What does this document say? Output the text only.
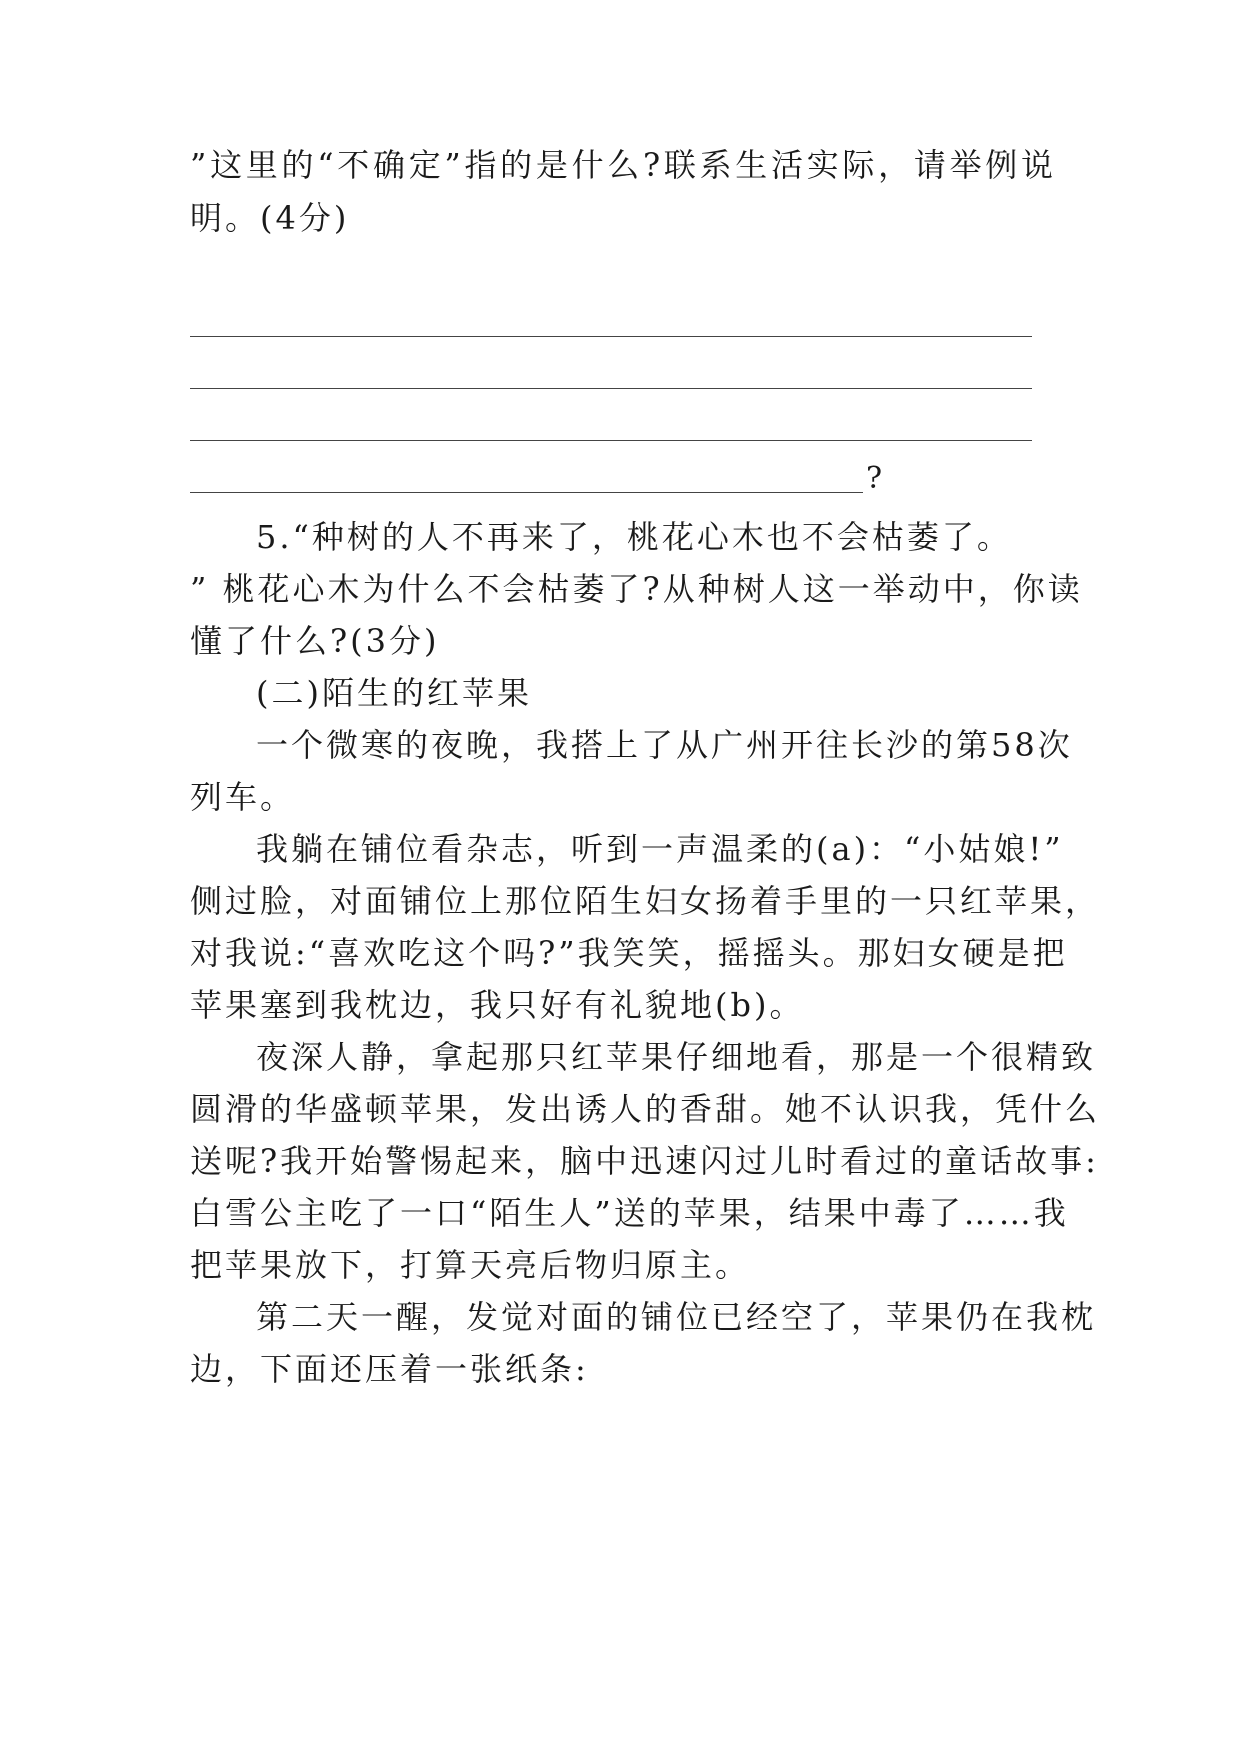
”这里的“不确定”指的是什么?联系生活实际，请举例说
明。(4分)
?
5.“种树的人不再来了，桃花心木也不会枯萎了。
” 桃花心木为什么不会枯萎了?从种树人这一举动中，你读
懂了什么?(3分)
(二)陌生的红苹果
一个微寒的夜晚，我搭上了从广州开往长沙的第58次
列车。
我躺在铺位看杂志，听到一声温柔的(a)：“小姑娘!”
侧过脸，对面铺位上那位陌生妇女扬着手里的一只红苹果，
对我说:“喜欢吃这个吗?”我笑笑，摇摇头。那妇女硬是把
苹果塞到我枕边，我只好有礼貌地(b)。
夜深人静，拿起那只红苹果仔细地看，那是一个很精致
圆滑的华盛顿苹果，发出诱人的香甜。她不认识我，凭什么
送呢?我开始警惕起来，脑中迅速闪过儿时看过的童话故事:
白雪公主吃了一口“陌生人”送的苹果，结果中毒了……我
把苹果放下，打算天亮后物归原主。
第二天一醒，发觉对面的铺位已经空了，苹果仍在我枕
边，下面还压着一张纸条:
